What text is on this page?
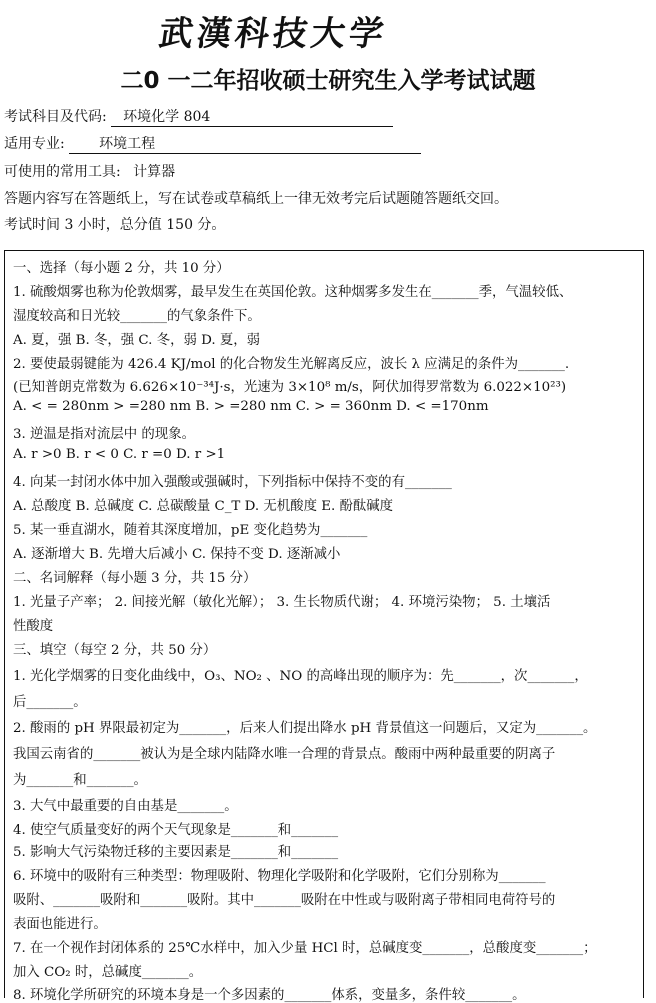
武漢科技大学
二0 一二年招收硕士研究生入学考试试题
考试科目及代码: 环境化学 804
适用专业: 环境工程
可使用的常用工具: 计算器
答题内容写在答题纸上，写在试卷或草稿纸上一律无效考完后试题随答题纸交回。
考试时间 3 小时，总分值 150 分。
一、选择（每小题 2 分，共 10 分）
1. 硫酸烟雾也称为伦敦烟雾，最早发生在英国伦敦。这种烟雾多发生在_______季，气温较低、
湿度较高和日光较_______的气象条件下。
A. 夏，强 B. 冬，强 C. 冬，弱 D. 夏，弱
2. 要使最弱键能为 426.4 KJ/mol 的化合物发生光解离反应，波长 λ 应满足的条件为_______.
(已知普朗克常数为 6.626×10⁻³⁴J·s，光速为 3×10⁸ m/s，阿伏加得罗常数为 6.022×10²³)
A. < = 280nm > =280 nm B. > =280 nm C. > = 360nm D. < =170nm
3. 逆温是指对流层中 的现象。
A. r >0 B. r < 0 C. r =0 D. r >1
4. 向某一封闭水体中加入强酸或强碱时，下列指标中保持不变的有_______
A. 总酸度 B. 总碱度 C. 总碳酸量 C_T D. 无机酸度 E. 酚酞碱度
5. 某一垂直湖水，随着其深度增加，pE 变化趋势为_______
A. 逐渐增大 B. 先增大后减小 C. 保持不变 D. 逐渐减小
二、名词解释（每小题 3 分，共 15 分）
1. 光量子产率； 2. 间接光解（敏化光解）； 3. 生长物质代谢； 4. 环境污染物； 5. 土壤活
性酸度
三、填空（每空 2 分，共 50 分）
1. 光化学烟雾的日变化曲线中，O₃、NO₂ 、NO 的高峰出现的顺序为：先_______，次_______，
后_______。
2. 酸雨的 pH 界限最初定为_______，后来人们提出降水 pH 背景值这一问题后，又定为_______。
我国云南省的_______被认为是全球内陆降水唯一合理的背景点。酸雨中两种最重要的阴离子
为_______和_______。
3. 大气中最重要的自由基是_______。
4. 使空气质量变好的两个天气现象是_______和_______
5. 影响大气污染物迁移的主要因素是_______和_______
6. 环境中的吸附有三种类型：物理吸附、物理化学吸附和化学吸附，它们分别称为_______
吸附、_______吸附和_______吸附。其中_______吸附在中性或与吸附离子带相同电荷符号的
表面也能进行。
7. 在一个视作封闭体系的 25℃水样中，加入少量 HCl 时，总碱度变_______，总酸度变_______；
加入 CO₂ 时，总碱度_______。
8. 环境化学所研究的环境本身是一个多因素的_______体系，变量多，条件较_______。
